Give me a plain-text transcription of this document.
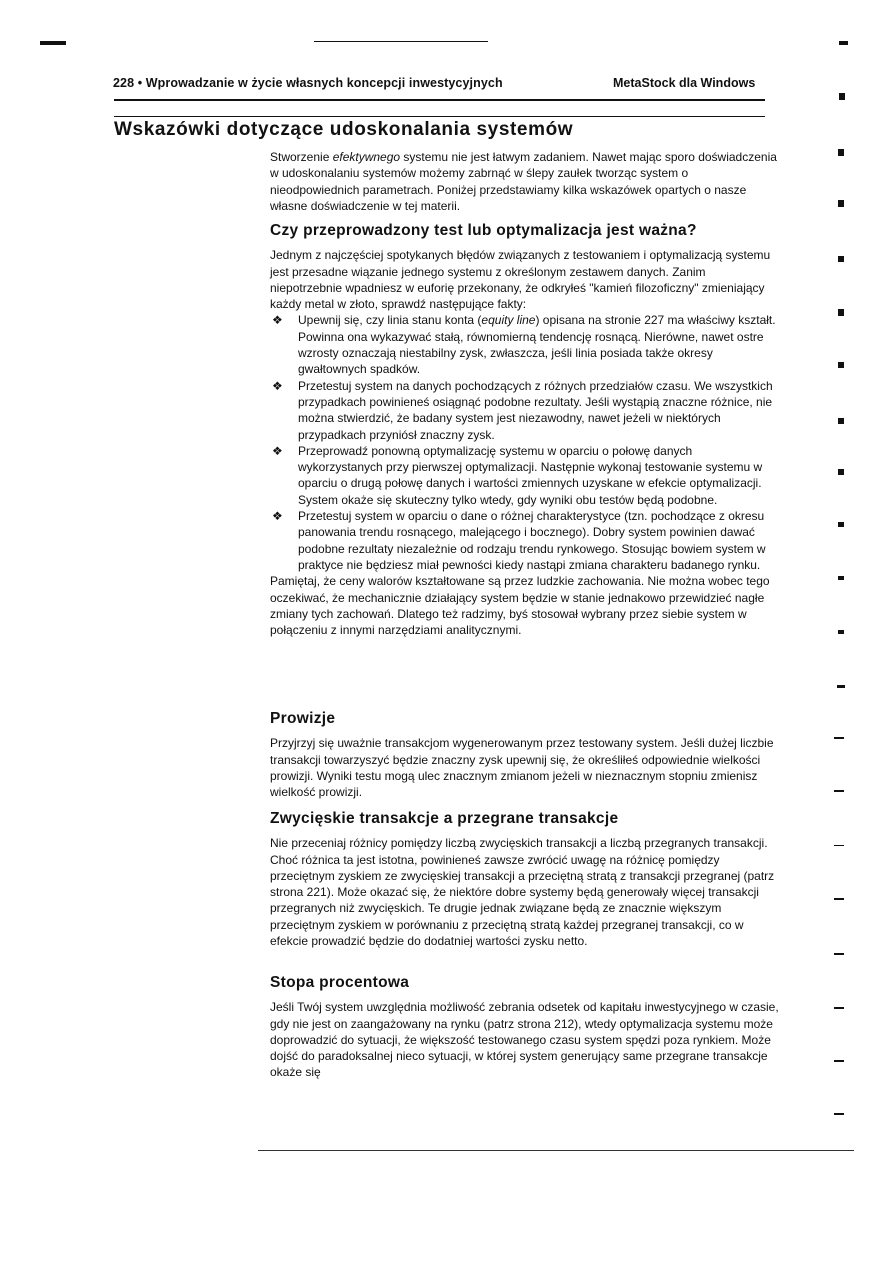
228 • Wprowadzanie w życie własnych koncepcji inwestycyjnych	MetaStock dla Windows
Wskazówki dotyczące udoskonalania systemów

Stworzenie efektywnego systemu nie jest łatwym zadaniem. Nawet mając sporo doświadczenia w udoskonalaniu systemów możemy zabrnąć w ślepy zaułek tworząc system o nieodpowiednich parametrach. Poniżej przedstawiamy kilka wskazówek opartych o nasze własne doświadczenie w tej materii.

Czy przeprowadzony test lub optymalizacja jest ważna?

Jednym z najczęściej spotykanych błędów związanych z testowaniem i optymalizacją systemu jest przesadne wiązanie jednego systemu z określonym zestawem danych. Zanim niepotrzebnie wpadniesz w euforię przekonany, że odkryłeś "kamień filozoficzny" zmieniający każdy metal w złoto, sprawdź następujące fakty:

❖ Upewnij się, czy linia stanu konta (equity line) opisana na stronie 227 ma właściwy kształt. Powinna ona wykazywać stałą, równomierną tendencję rosnącą. Nierówne, nawet ostre wzrosty oznaczają niestabilny zysk, zwłaszcza, jeśli linia posiada także okresy gwałtownych spadków.
❖ Przetestuj system na danych pochodzących z różnych przedziałów czasu. We wszystkich przypadkach powinieneś osiągnąć podobne rezultaty. Jeśli wystąpią znaczne różnice, nie można stwierdzić, że badany system jest niezawodny, nawet jeżeli w niektórych przypadkach przyniósł znaczny zysk.
❖ Przeprowadź ponowną optymalizację systemu w oparciu o połowę danych wykorzystanych przy pierwszej optymalizacji. Następnie wykonaj testowanie systemu w oparciu o drugą połowę danych i wartości zmiennych uzyskane w efekcie optymalizacji. System okaże się skuteczny tylko wtedy, gdy wyniki obu testów będą podobne.
❖ Przetestuj system w oparciu o dane o różnej charakterystyce (tzn. pochodzące z okresu panowania trendu rosnącego, malejącego i bocznego). Dobry system powinien dawać podobne rezultaty niezależnie od rodzaju trendu rynkowego. Stosując bowiem system w praktyce nie będziesz miał pewności kiedy nastąpi zmiana charakteru badanego rynku.

Pamiętaj, że ceny walorów kształtowane są przez ludzkie zachowania. Nie można wobec tego oczekiwać, że mechanicznie działający system będzie w stanie jednakowo przewidzieć nagłe zmiany tych zachowań. Dlatego też radzimy, byś stosował wybrany przez siebie system w połączeniu z innymi narzędziami analitycznymi.

Prowizje

Przyjrzyj się uważnie transakcjom wygenerowanym przez testowany system. Jeśli dużej liczbie transakcji towarzyszyć będzie znaczny zysk upewnij się, że określiłeś odpowiednie wielkości prowizji. Wyniki testu mogą ulec znacznym zmianom jeżeli w nieznacznym stopniu zmienisz wielkość prowizji.

Zwycięskie transakcje a przegrane transakcje

Nie przeceniaj różnicy pomiędzy liczbą zwycięskich transakcji a liczbą przegranych transakcji. Choć różnica ta jest istotna, powinieneś zawsze zwrócić uwagę na różnicę pomiędzy przeciętnym zyskiem ze zwycięskiej transakcji a przeciętną stratą z transakcji przegranej (patrz strona 221). Może okazać się, że niektóre dobre systemy będą generowały więcej transakcji przegranych niż zwycięskich. Te drugie jednak związane będą ze znacznie większym przeciętnym zyskiem w porównaniu z przeciętną stratą każdej przegranej transakcji, co w efekcie prowadzić będzie do dodatniej wartości zysku netto.

Stopa procentowa

Jeśli Twój system uwzględnia możliwość zebrania odsetek od kapitału inwestycyjnego w czasie, gdy nie jest on zaangażowany na rynku (patrz strona 212), wtedy optymalizacja systemu może doprowadzić do sytuacji, że większość testowanego czasu system spędzi poza rynkiem. Może dojść do paradoksalnej nieco sytuacji, w której system generujący same przegrane transakcje okaże się
